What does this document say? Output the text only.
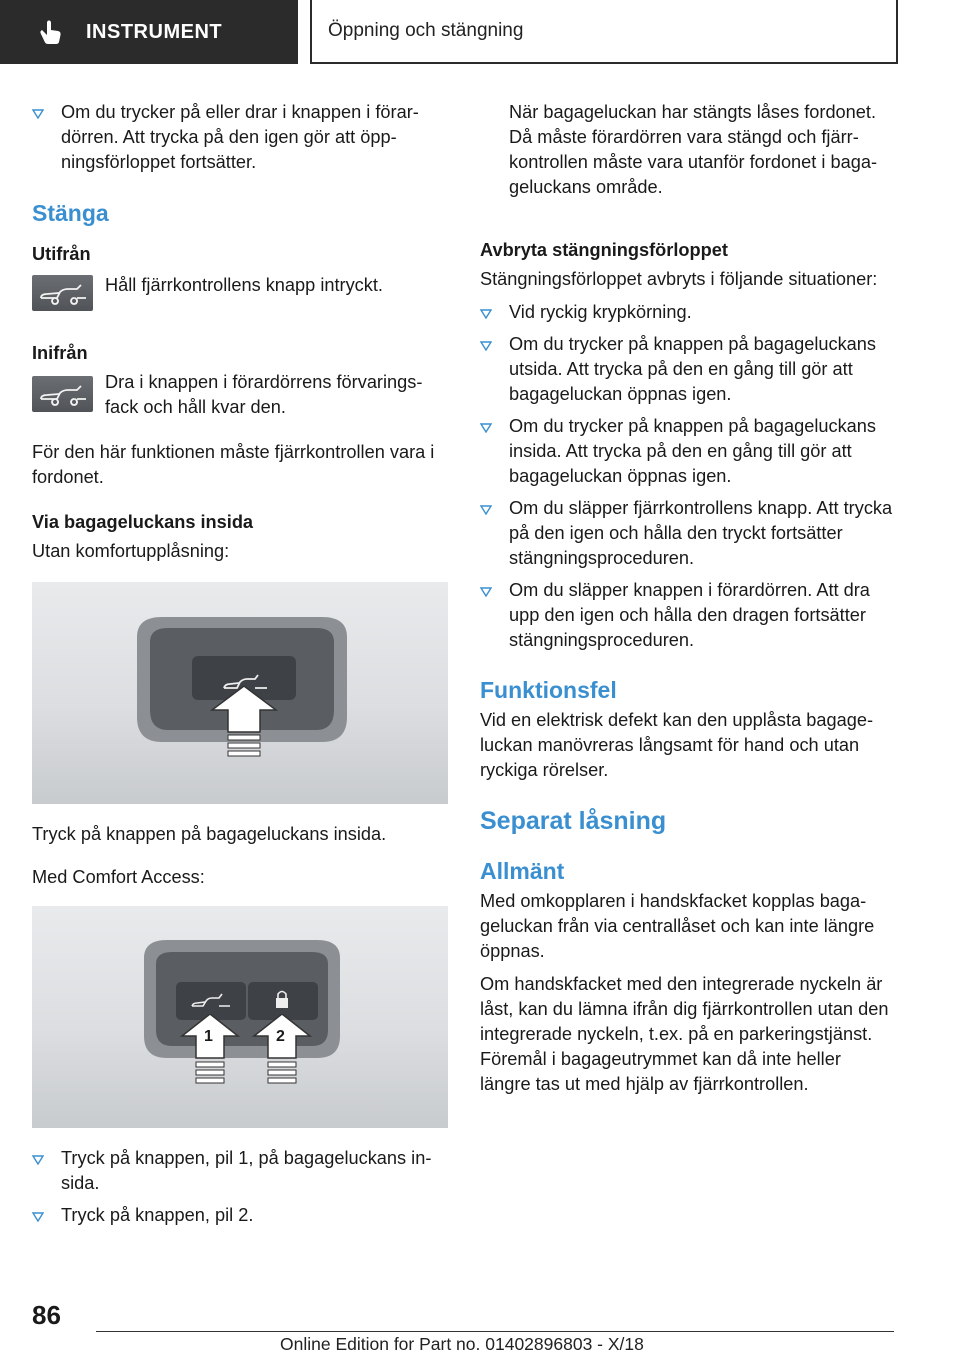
INSTRUMENT	Öppning och stängning
Om du trycker på eller drar i knappen i förardörren. Att trycka på den igen gör att öppningsförloppet fortsätter.
Stänga
Utifrån

Håll fjärrkontrollens knapp intryckt.

Inifrån

Dra i knappen i förardörrens förvaringsfack och håll kvar den.

För den här funktionen måste fjärrkontrollen vara i fordonet.

Via bagageluckans insida

Utan komfortupplåsning:

Tryck på knappen på bagageluckans insida.

Med Comfort Access:

1	2
Tryck på knappen, pil 1, på bagageluckans insida.
Tryck på knappen, pil 2.

När bagageluckan har stängts låses fordonet. Då måste förardörren vara stängd och fjärrkontrollen måste vara utanför fordonet i bagageluckans område.

Avbryta stängningsförloppet

Stängningsförloppet avbryts i följande situationer:

Vid ryckig krypkörning.
Om du trycker på knappen på bagageluckans utsida. Att trycka på den en gång till gör att bagageluckan öppnas igen.
Om du trycker på knappen på bagageluckans insida. Att trycka på den en gång till gör att bagageluckan öppnas igen.
Om du släpper fjärrkontrollens knapp. Att trycka på den igen och hålla den tryckt fortsätter stängningsproceduren.
Om du släpper knappen i förardörren. Att dra upp den igen och hålla den dragen fortsätter stängningsproceduren.
Funktionsfel

Vid en elektrisk defekt kan den upplåsta bagageluckan manövreras långsamt för hand och utan ryckiga rörelser.

Separat låsning
Allmänt

Med omkopplaren i handskfacket kopplas bagageluckan från via centrallåset och kan inte längre öppnas.

Om handskfacket med den integrerade nyckeln är låst, kan du lämna ifrån dig fjärrkontrollen utan den integrerade nyckeln, t.ex. på en parkeringstjänst. Föremål i bagageutrymmet kan då inte heller längre tas ut med hjälp av fjärrkontrollen.

86
Online Edition for Part no. 01402896803 - X/18
